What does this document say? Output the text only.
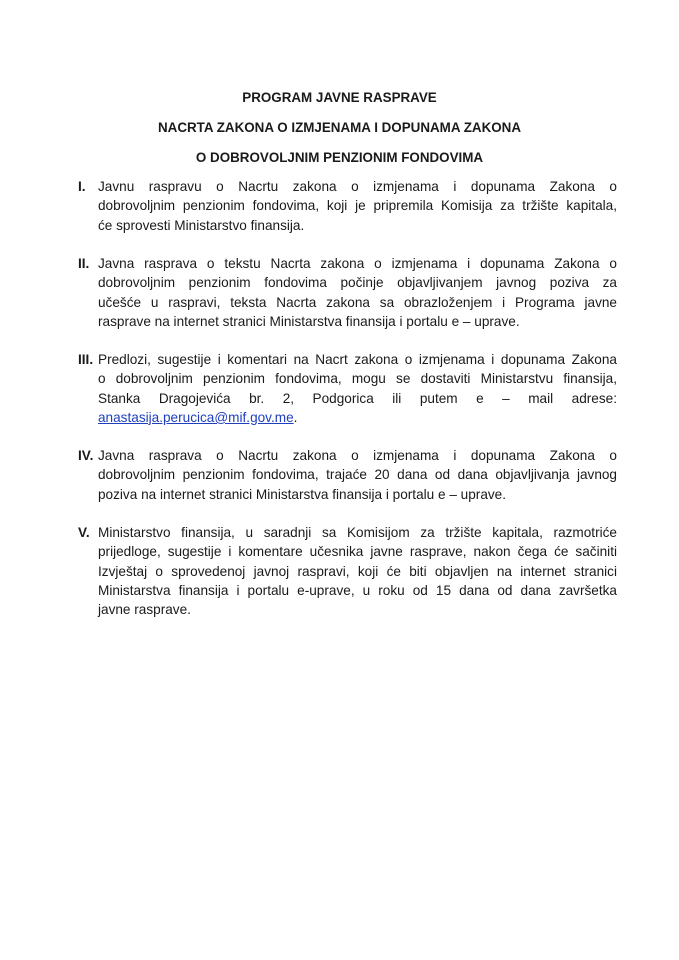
PROGRAM JAVNE RASPRAVE
NACRTA ZAKONA O IZMJENAMA I DOPUNAMA ZAKONA
O DOBROVOLJNIM PENZIONIM FONDOVIMA
I. Javnu raspravu o Nacrtu zakona o izmjenama i dopunama Zakona o
dobrovoljnim penzionim fondovima, koji je pripremila Komisija za tržište kapitala,
će sprovesti Ministarstvo finansija.
II. Javna rasprava o tekstu Nacrta zakona o izmjenama i dopunama Zakona o
dobrovoljnim penzionim fondovima počinje objavljivanjem javnog poziva za
učešće u raspravi, teksta Nacrta zakona sa obrazloženjem i Programa javne
rasprave na internet stranici Ministarstva finansija i portalu e – uprave.
III. Predlozi, sugestije i komentari na Nacrt zakona o izmjenama i dopunama Zakona
o dobrovoljnim penzionim fondovima, mogu se dostaviti Ministarstvu finansija,
Stanka Dragojevića br. 2, Podgorica ili putem e – mail adrese:
anastasija.perucica@mif.gov.me.
IV. Javna rasprava o Nacrtu zakona o izmjenama i dopunama Zakona o
dobrovoljnim penzionim fondovima, trajaće 20 dana od dana objavljivanja javnog
poziva na internet stranici Ministarstva finansija i portalu e – uprave.
V. Ministarstvo finansija, u saradnji sa Komisijom za tržište kapitala, razmotriće
prijedloge, sugestije i komentare učesnika javne rasprave, nakon čega će sačiniti
Izvještaj o sprovedenoj javnoj raspravi, koji će biti objavljen na internet stranici
Ministarstva finansija i portalu e-uprave, u roku od 15 dana od dana završetka
javne rasprave.
